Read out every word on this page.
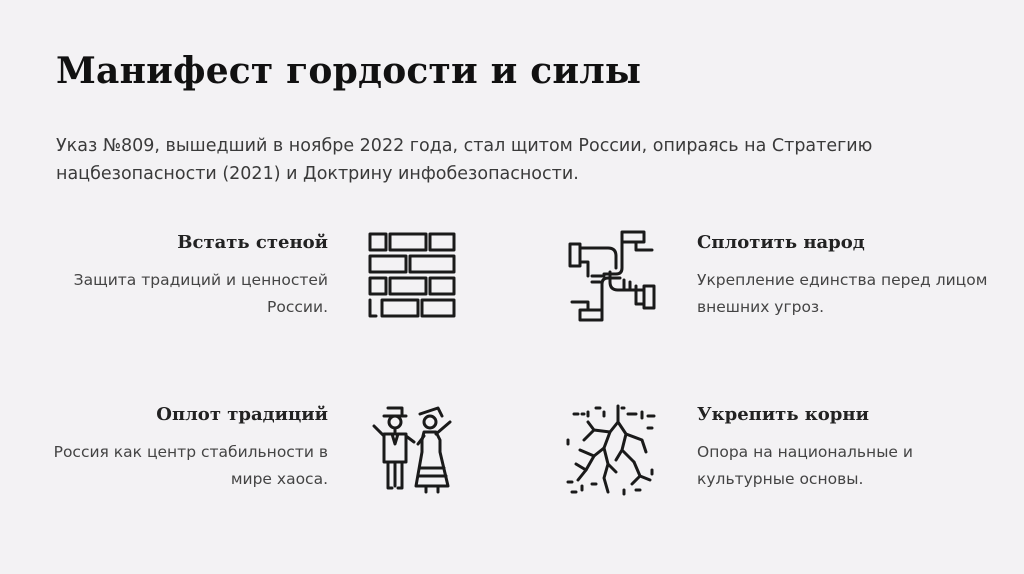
Манифест гордости и силы
Указ №809, вышедший в ноябре 2022 года, стал щитом России, опираясь на Стратегию нацбезопасности (2021) и Доктрину инфобезопасности.
Встать стеной

Защита традиций и ценностей России.

Сплотить народ

Укрепление единства перед лицом внешних угроз.

Оплот традиций

Россия как центр стабильности в мире хаоса.

Укрепить корни

Опора на национальные и культурные основы.
